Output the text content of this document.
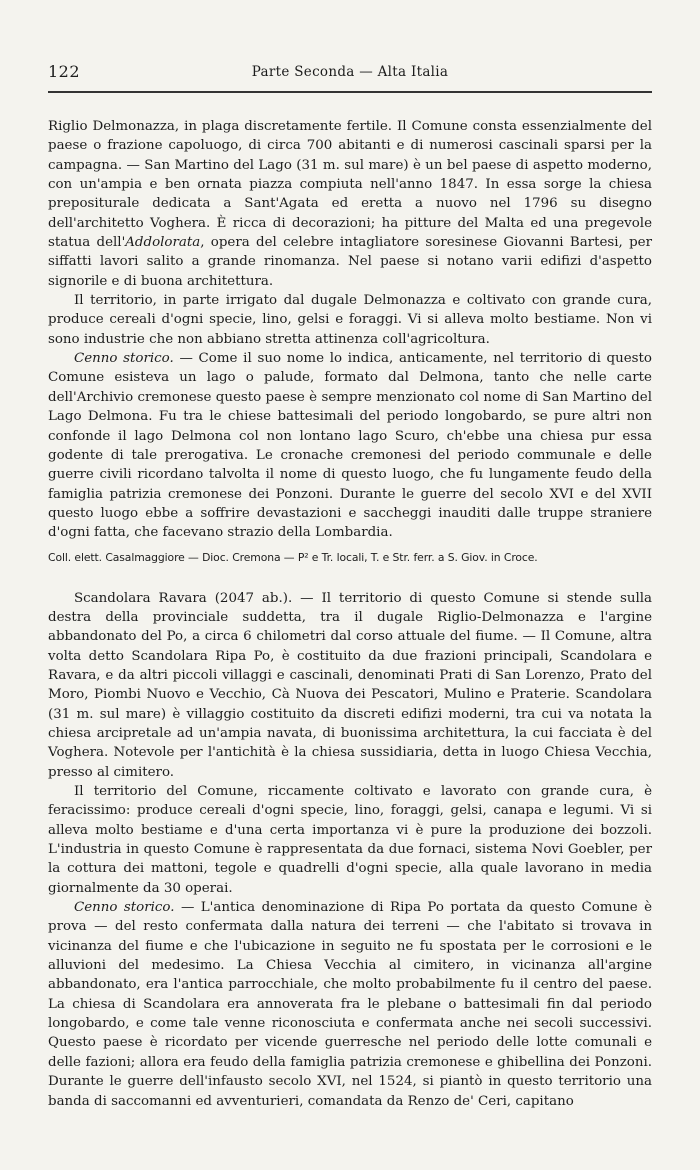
122	Parte Seconda — Alta Italia

Riglio Delmonazza, in plaga discretamente fertile. Il Comune consta essenzialmente del paese o frazione capoluogo, di circa 700 abitanti e di numerosi cascinali sparsi per la campagna. — San Martino del Lago (31 m. sul mare) è un bel paese di aspetto moderno, con un'ampia e ben ornata piazza compiuta nell'anno 1847. In essa sorge la chiesa prepositurale dedicata a Sant'Agata ed eretta a nuovo nel 1796 su disegno dell'architetto Voghera. È ricca di decorazioni; ha pitture del Malta ed una pregevole statua dell'Addolorata, opera del celebre intagliatore soresinese Giovanni Bartesi, per siffatti lavori salito a grande rinomanza. Nel paese si notano varii edifizi d'aspetto signorile e di buona architettura.

Il territorio, in parte irrigato dal dugale Delmonazza e coltivato con grande cura, produce cereali d'ogni specie, lino, gelsi e foraggi. Vi si alleva molto bestiame. Non vi sono industrie che non abbiano stretta attinenza coll'agricoltura.

Cenno storico. — Come il suo nome lo indica, anticamente, nel territorio di questo Comune esisteva un lago o palude, formato dal Delmona, tanto che nelle carte dell'Archivio cremonese questo paese è sempre menzionato col nome di San Martino del Lago Delmona. Fu tra le chiese battesimali del periodo longobardo, se pure altri non confonde il lago Delmona col non lontano lago Scuro, ch'ebbe una chiesa pur essa godente di tale prerogativa. Le cronache cremonesi del periodo communale e delle guerre civili ricordano talvolta il nome di questo luogo, che fu lungamente feudo della famiglia patrizia cremonese dei Ponzoni. Durante le guerre del secolo XVI e del XVII questo luogo ebbe a soffrire devastazioni e saccheggi inauditi dalle truppe straniere d'ogni fatta, che facevano strazio della Lombardia.

Coll. elett. Casalmaggiore — Dioc. Cremona — P² e Tr. locali, T. e Str. ferr. a S. Giov. in Croce.

Scandolara Ravara (2047 ab.). — Il territorio di questo Comune si stende sulla destra della provinciale suddetta, tra il dugale Riglio-Delmonazza e l'argine abbandonato del Po, a circa 6 chilometri dal corso attuale del fiume. — Il Comune, altra volta detto Scandolara Ripa Po, è costituito da due frazioni principali, Scandolara e Ravara, e da altri piccoli villaggi e cascinali, denominati Prati di San Lorenzo, Prato del Moro, Piombi Nuovo e Vecchio, Cà Nuova dei Pescatori, Mulino e Praterie. Scandolara (31 m. sul mare) è villaggio costituito da discreti edifizi moderni, tra cui va notata la chiesa arcipretale ad un'ampia navata, di buonissima architettura, la cui facciata è del Voghera. Notevole per l'antichità è la chiesa sussidiaria, detta in luogo Chiesa Vecchia, presso al cimitero.

Il territorio del Comune, riccamente coltivato e lavorato con grande cura, è feracissimo: produce cereali d'ogni specie, lino, foraggi, gelsi, canapa e legumi. Vi si alleva molto bestiame e d'una certa importanza vi è pure la produzione dei bozzoli. L'industria in questo Comune è rappresentata da due fornaci, sistema Novi Goebler, per la cottura dei mattoni, tegole e quadrelli d'ogni specie, alla quale lavorano in media giornalmente da 30 operai.

Cenno storico. — L'antica denominazione di Ripa Po portata da questo Comune è prova — del resto confermata dalla natura dei terreni — che l'abitato si trovava in vicinanza del fiume e che l'ubicazione in seguito ne fu spostata per le corrosioni e le alluvioni del medesimo. La Chiesa Vecchia al cimitero, in vicinanza all'argine abbandonato, era l'antica parrocchiale, che molto probabilmente fu il centro del paese. La chiesa di Scandolara era annoverata fra le plebane o battesimali fin dal periodo longobardo, e come tale venne riconosciuta e confermata anche nei secoli successivi. Questo paese è ricordato per vicende guerresche nel periodo delle lotte comunali e delle fazioni; allora era feudo della famiglia patrizia cremonese e ghibellina dei Ponzoni. Durante le guerre dell'infausto secolo XVI, nel 1524, si piantò in questo territorio una banda di saccomanni ed avventurieri, comandata da Renzo de' Ceri, capitano
